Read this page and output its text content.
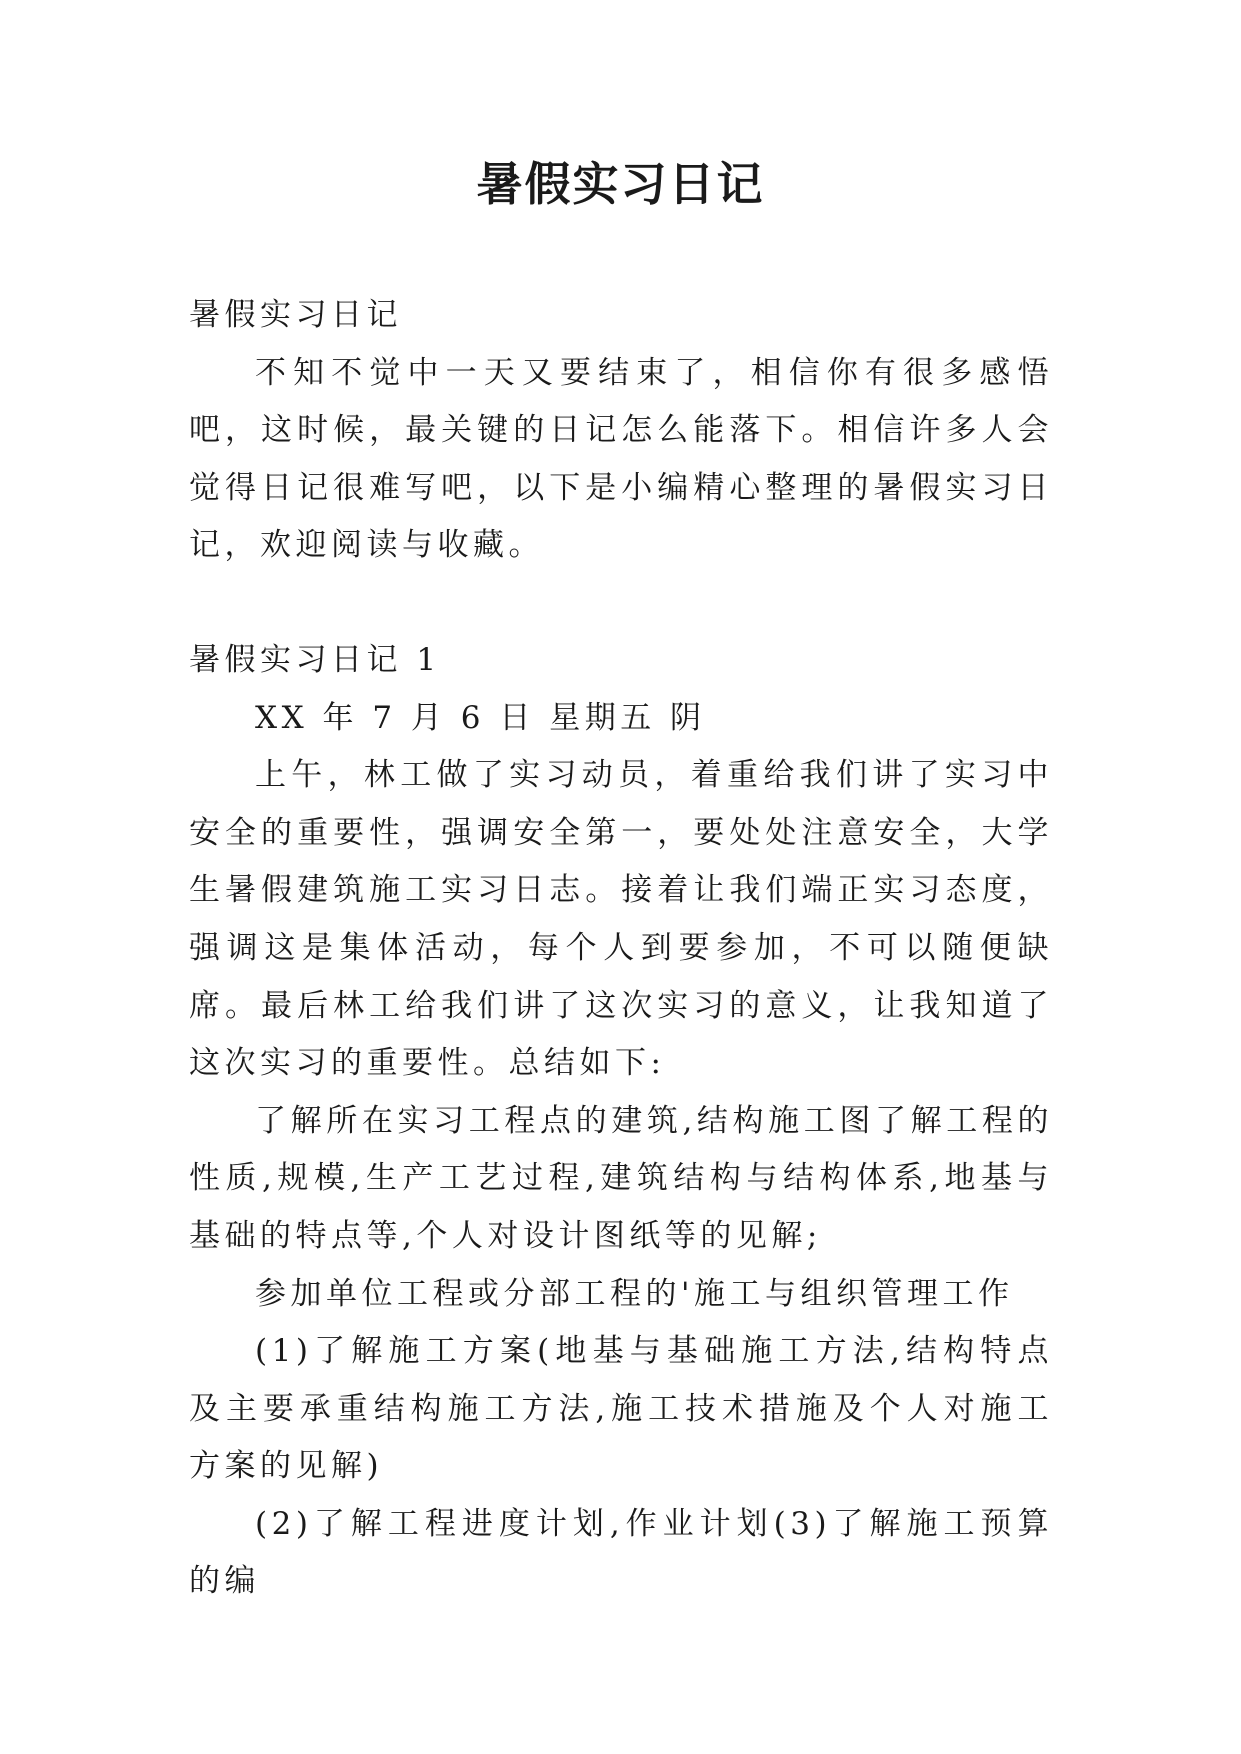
暑假实习日记

暑假实习日记

不知不觉中一天又要结束了，相信你有很多感悟吧，这时候，最关键的日记怎么能落下。相信许多人会觉得日记很难写吧，以下是小编精心整理的暑假实习日记，欢迎阅读与收藏。

暑假实习日记 1

XX 年 7 月 6 日 星期五 阴

上午，林工做了实习动员，着重给我们讲了实习中安全的重要性，强调安全第一，要处处注意安全，大学生暑假建筑施工实习日志。接着让我们端正实习态度，强调这是集体活动，每个人到要参加，不可以随便缺席。最后林工给我们讲了这次实习的意义，让我知道了这次实习的重要性。总结如下:

了解所在实习工程点的建筑,结构施工图了解工程的性质,规模,生产工艺过程,建筑结构与结构体系,地基与基础的特点等,个人对设计图纸等的见解;

参加单位工程或分部工程的'施工与组织管理工作

(1)了解施工方案(地基与基础施工方法,结构特点及主要承重结构施工方法,施工技术措施及个人对施工方案的见解)

(2)了解工程进度计划,作业计划(3)了解施工预算的编
